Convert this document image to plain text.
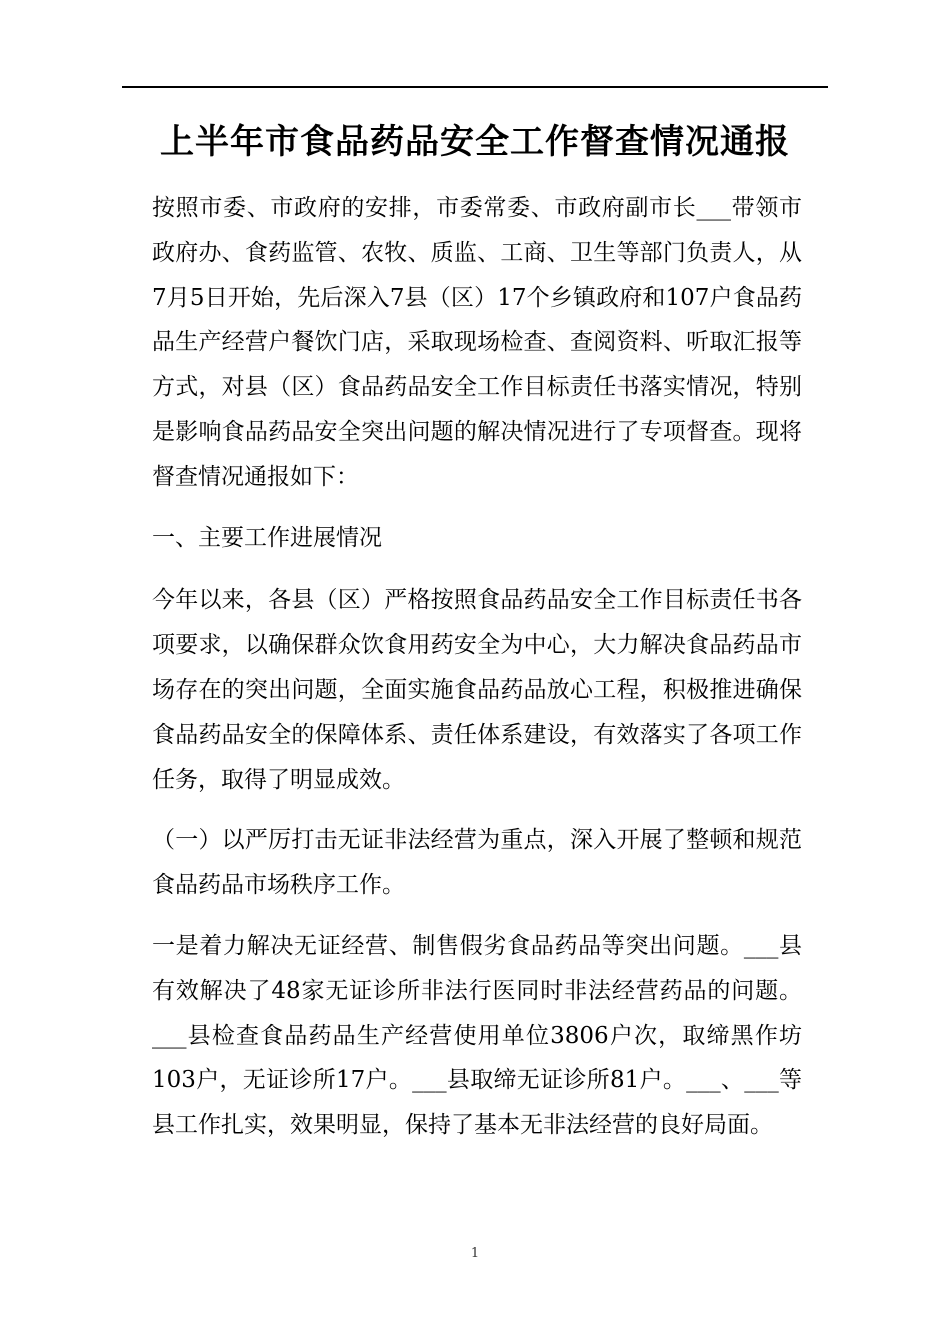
上半年市食品药品安全工作督查情况通报

按照市委、市政府的安排，市委常委、市政府副市长___带领市政府办、食药监管、农牧、质监、工商、卫生等部门负责人，从7月5日开始，先后深入7县（区）17个乡镇政府和107户食品药品生产经营户餐饮门店，采取现场检查、查阅资料、听取汇报等方式，对县（区）食品药品安全工作目标责任书落实情况，特别是影响食品药品安全突出问题的解决情况进行了专项督查。现将督查情况通报如下：

一、主要工作进展情况

今年以来，各县（区）严格按照食品药品安全工作目标责任书各项要求，以确保群众饮食用药安全为中心，大力解决食品药品市场存在的突出问题，全面实施食品药品放心工程，积极推进确保食品药品安全的保障体系、责任体系建设，有效落实了各项工作任务，取得了明显成效。

（一）以严厉打击无证非法经营为重点，深入开展了整顿和规范食品药品市场秩序工作。

一是着力解决无证经营、制售假劣食品药品等突出问题。___县有效解决了48家无证诊所非法行医同时非法经营药品的问题。___县检查食品药品生产经营使用单位3806户次，取缔黑作坊103户，无证诊所17户。___县取缔无证诊所81户。___、___等县工作扎实，效果明显，保持了基本无非法经营的良好局面。

1
